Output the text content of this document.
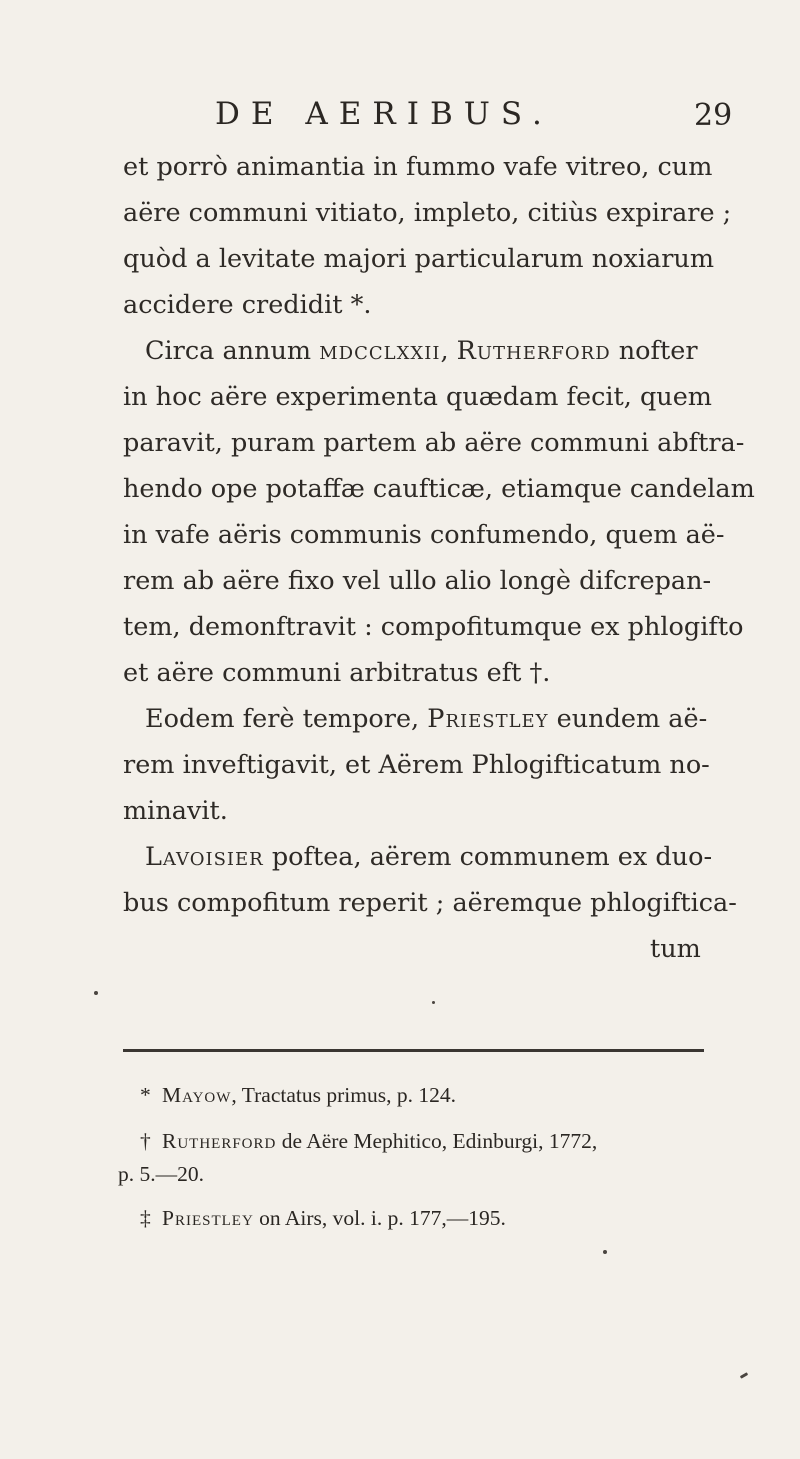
DE AERIBUS.	29
et porrò animantia in fummo vafe vitreo, cum
aëre communi vitiato, impleto, citiùs expirare ;
quòd a levitate majori particularum noxiarum
accidere credidit *.
Circa annum mdcclxxii, Rutherford nofter
in hoc aëre experimenta quædam fecit, quem
paravit, puram partem ab aëre communi abftra-
hendo ope potaffæ caufticæ, etiamque candelam
in vafe aëris communis confumendo, quem aë-
rem ab aëre fixo vel ullo alio longè difcrepan-
tem, demonftravit : compofitumque ex phlogifto
et aëre communi arbitratus eft †.
Eodem ferè tempore, Priestley eundem aë-
rem inveftigavit, et Aërem Phlogifticatum no-
minavit.
Lavoisier poftea, aërem communem ex duo-
bus compofitum reperit ; aëremque phlogiftica-
tum
* Mayow, Tractatus primus, p. 124.
† Rutherford de Aëre Mephitico, Edinburgi, 1772,
p. 5.—20.
‡ Priestley on Airs, vol. i. p. 177,—195.
